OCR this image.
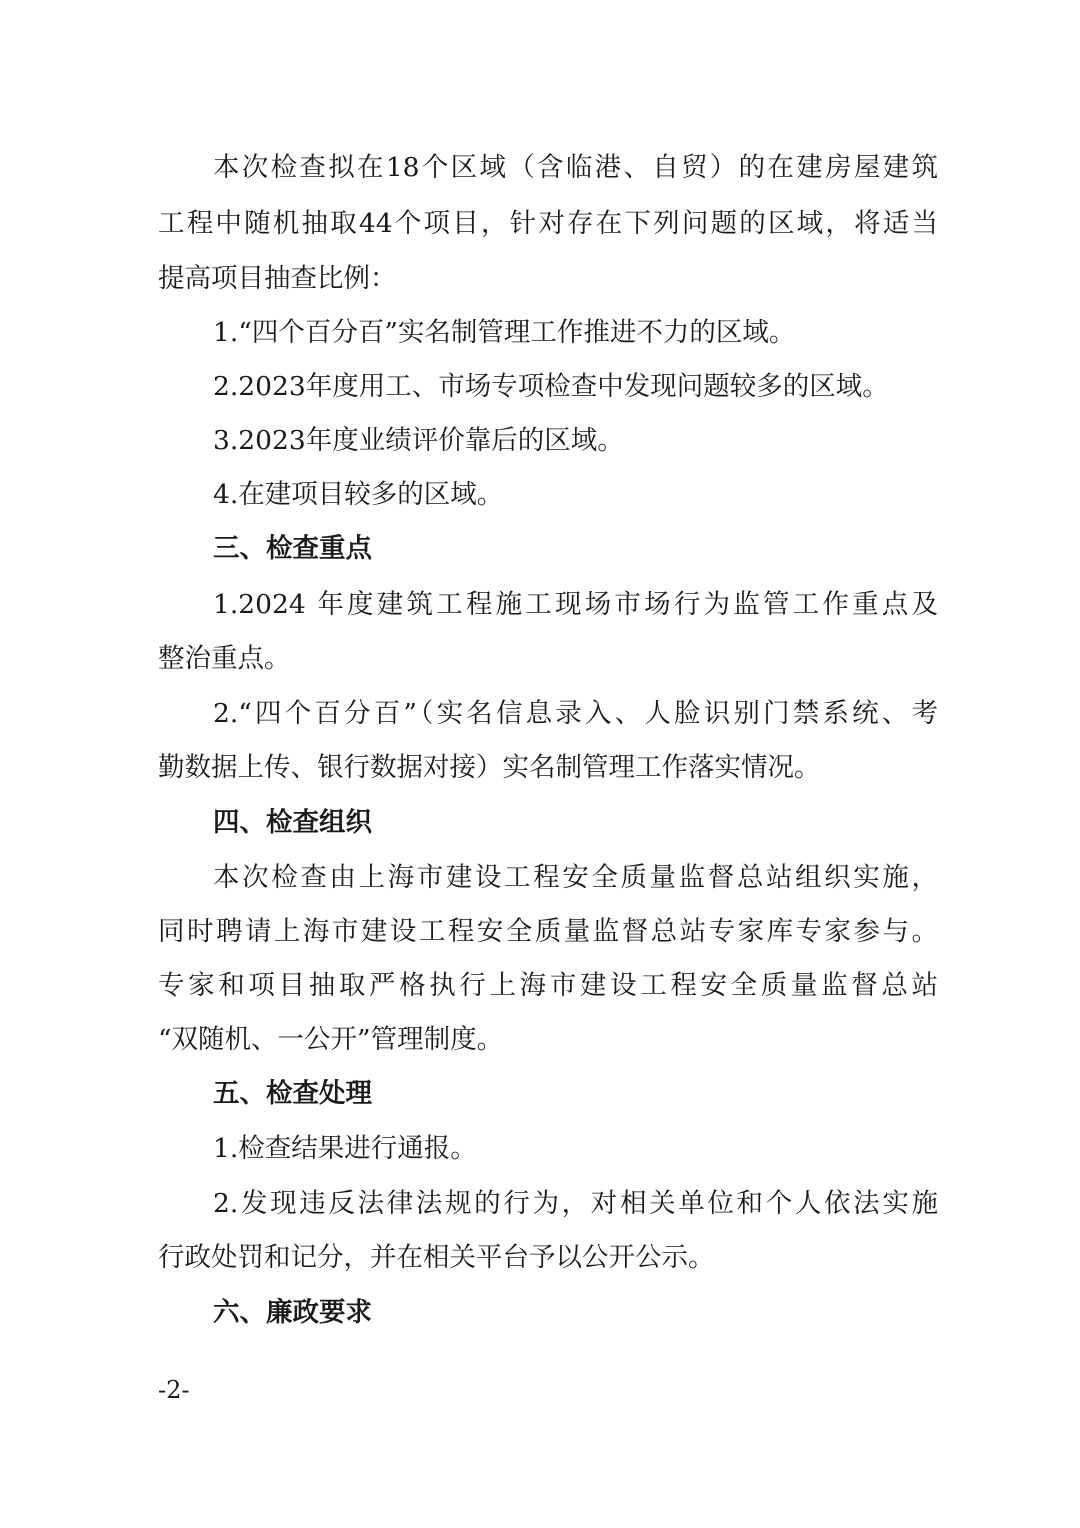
本次检查拟在18个区域（含临港、自贸）的在建房屋建筑
工程中随机抽取44个项目，针对存在下列问题的区域，将适当
提高项目抽查比例：
1.“四个百分百”实名制管理工作推进不力的区域。
2.2023年度用工、市场专项检查中发现问题较多的区域。
3.2023年度业绩评价靠后的区域。
4.在建项目较多的区域。
三、检查重点
1.2024 年度建筑工程施工现场市场行为监管工作重点及
整治重点。
2.“四个百分百”（实名信息录入、人脸识别门禁系统、考
勤数据上传、银行数据对接）实名制管理工作落实情况。
四、检查组织
本次检查由上海市建设工程安全质量监督总站组织实施，
同时聘请上海市建设工程安全质量监督总站专家库专家参与。
专家和项目抽取严格执行上海市建设工程安全质量监督总站
“双随机、一公开”管理制度。
五、检查处理
1.检查结果进行通报。
2.发现违反法律法规的行为，对相关单位和个人依法实施
行政处罚和记分，并在相关平台予以公开公示。
六、廉政要求
-2-
